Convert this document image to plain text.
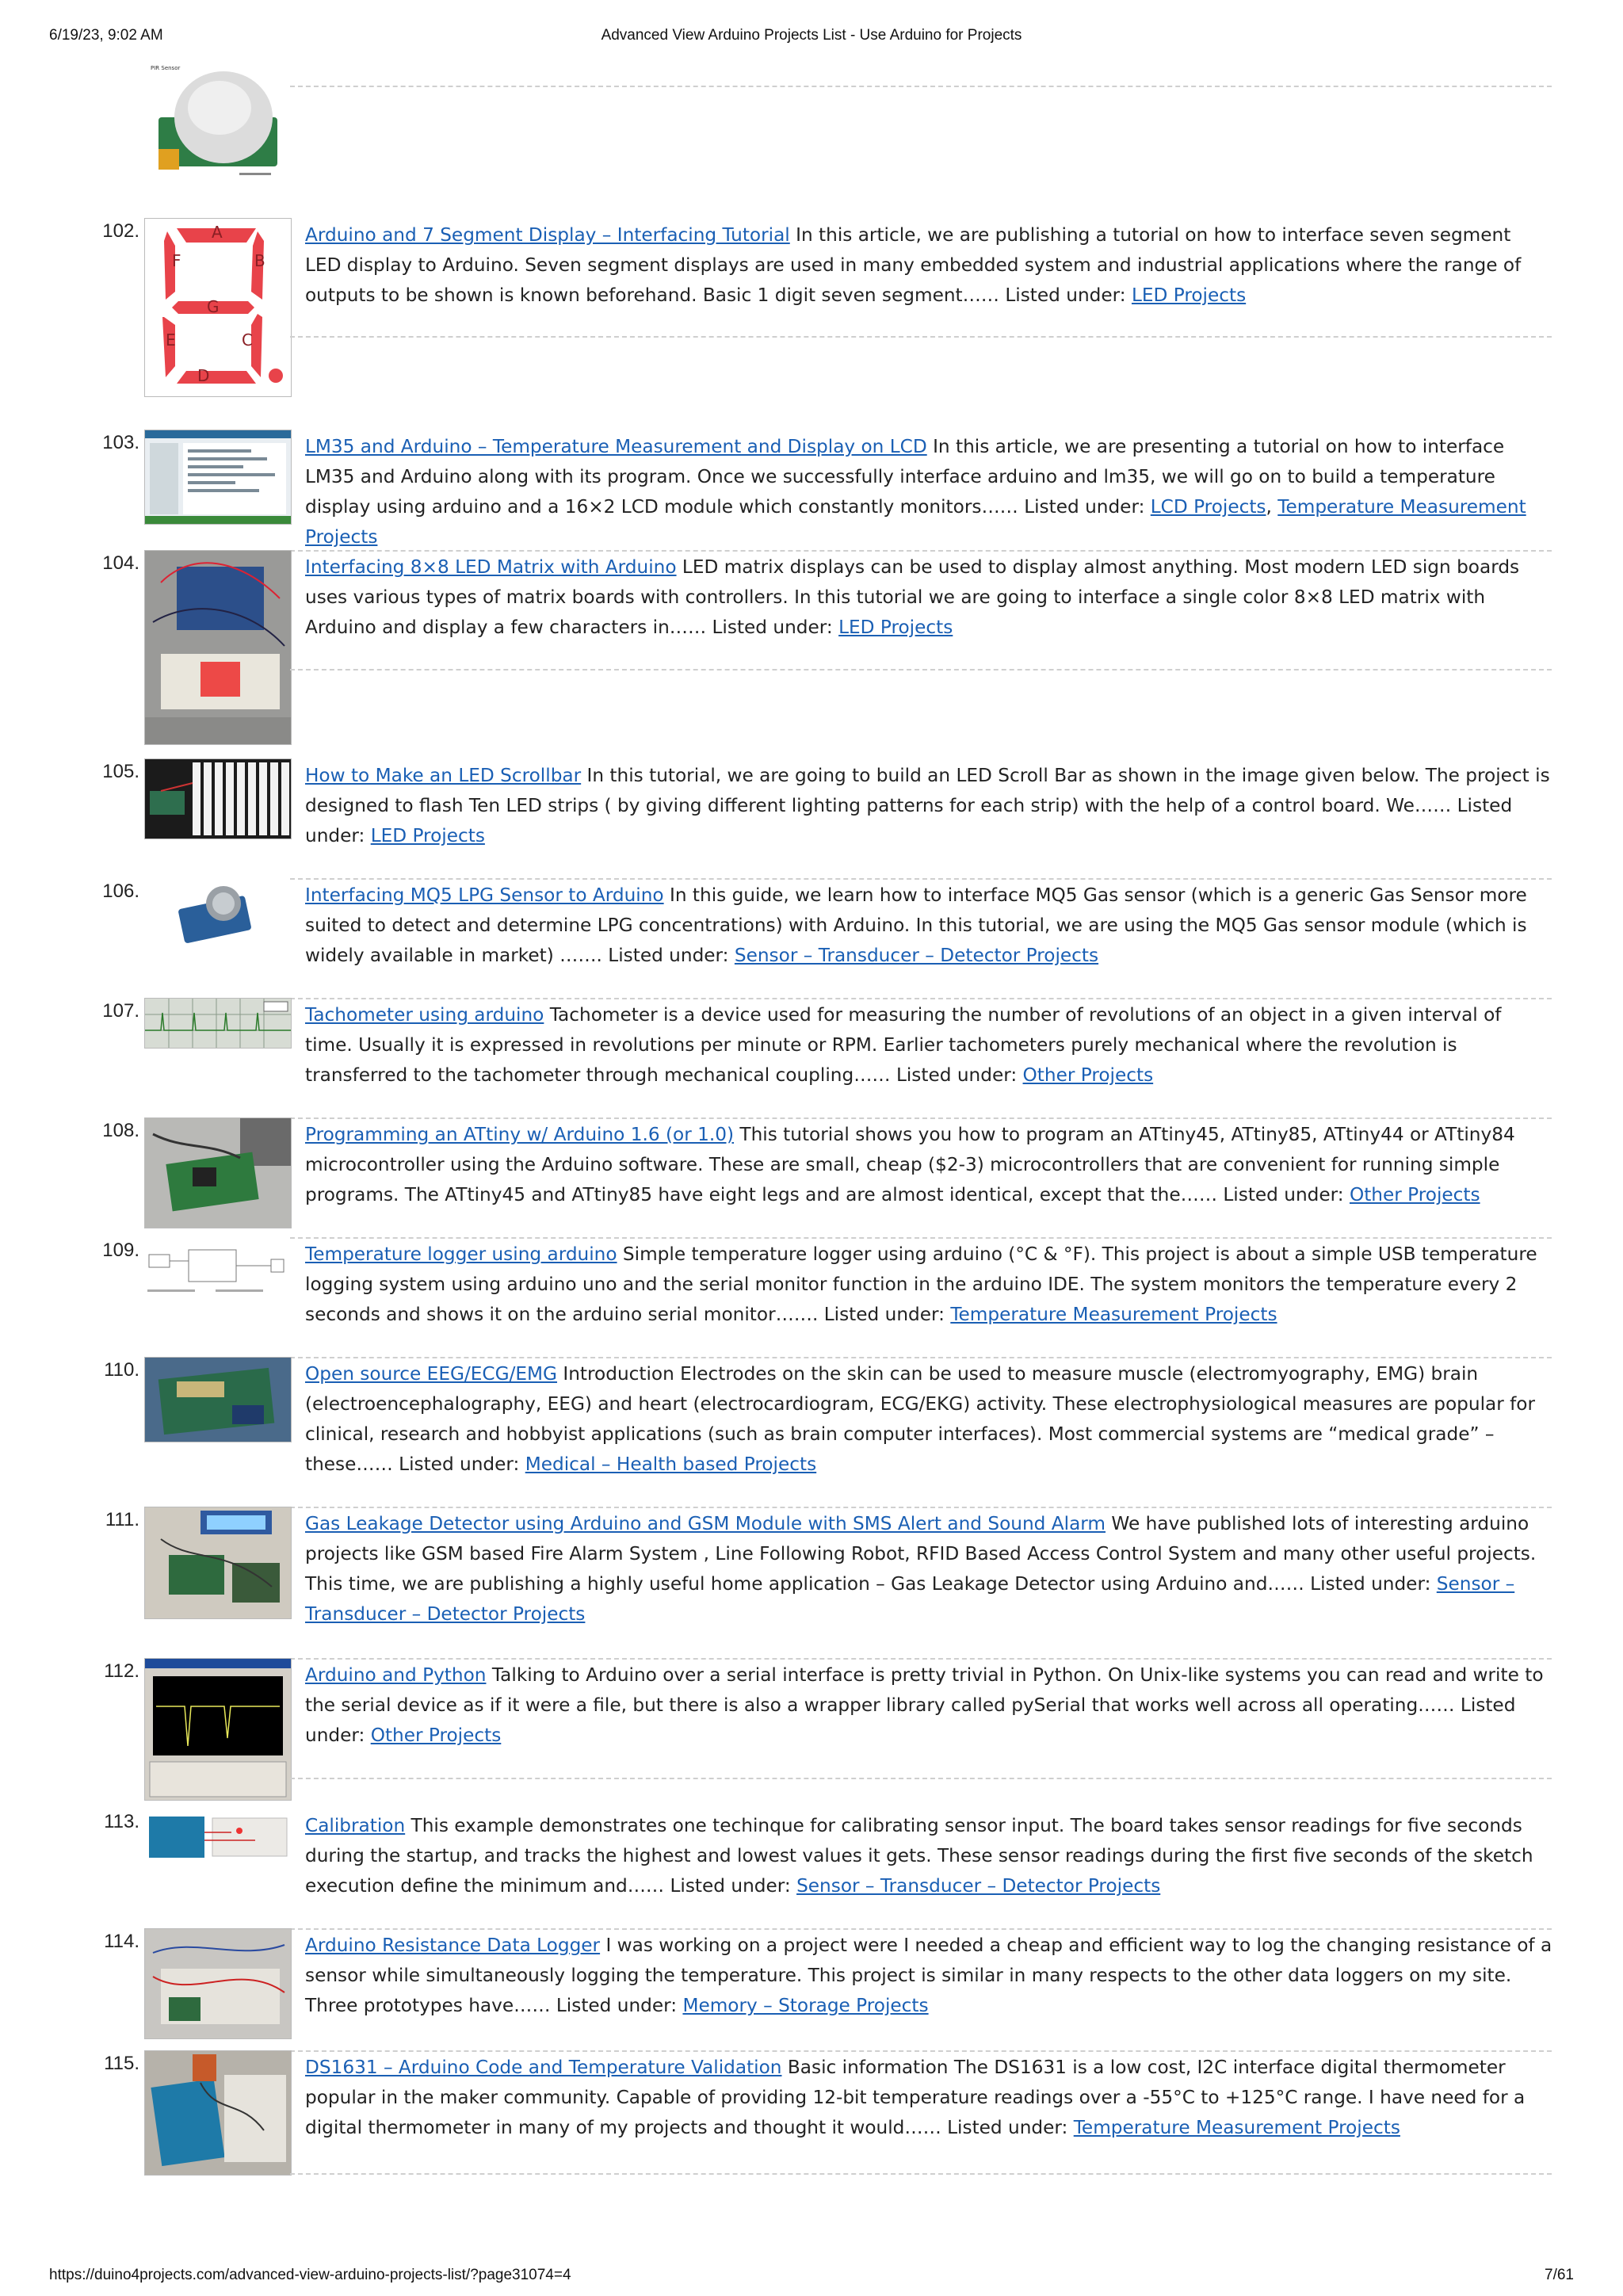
6/19/23, 9:02 AM	Advanced View Arduino Projects List - Use Arduino for Projects
PIR Sensor
102.	A
B
C
D
E
F
G
Arduino and 7 Segment Display – Interfacing Tutorial In this article, we are publishing a tutorial on how to interface seven segment LED display to Arduino. Seven segment displays are used in many embedded system and industrial applications where the range of outputs to be shown is known beforehand. Basic 1 digit seven segment…… Listed under: LED Projects
103.	LM35 and Arduino – Temperature Measurement and Display on LCD In this article, we are presenting a tutorial on how to interface LM35 and Arduino along with its program. Once we successfully interface arduino and lm35, we will go on to build a temperature display using arduino and a 16×2 LCD module which constantly monitors…… Listed under: LCD Projects, Temperature Measurement Projects
104.	Interfacing 8×8 LED Matrix with Arduino LED matrix displays can be used to display almost anything. Most modern LED sign boards uses various types of matrix boards with controllers. In this tutorial we are going to interface a single color 8×8 LED matrix with Arduino and display a few characters in…… Listed under: LED Projects
105.	How to Make an LED Scrollbar In this tutorial, we are going to build an LED Scroll Bar as shown in the image given below. The project is designed to flash Ten LED strips ( by giving different lighting patterns for each strip) with the help of a control board. We…… Listed under: LED Projects
106.	Interfacing MQ5 LPG Sensor to Arduino In this guide, we learn how to interface MQ5 Gas sensor (which is a generic Gas Sensor more suited to detect and determine LPG concentrations) with Arduino. In this tutorial, we are using the MQ5 Gas sensor module (which is widely available in market) ……. Listed under: Sensor – Transducer – Detector Projects
107.	Tachometer using arduino Tachometer is a device used for measuring the number of revolutions of an object in a given interval of time. Usually it is expressed in revolutions per minute or RPM. Earlier tachometers purely mechanical where the revolution is transferred to the tachometer through mechanical coupling…… Listed under: Other Projects
108.	Programming an ATtiny w/ Arduino 1.6 (or 1.0) This tutorial shows you how to program an ATtiny45, ATtiny85, ATtiny44 or ATtiny84 microcontroller using the Arduino software. These are small, cheap ($2-3) microcontrollers that are convenient for running simple programs. The ATtiny45 and ATtiny85 have eight legs and are almost identical, except that the…… Listed under: Other Projects
109.	Temperature logger using arduino Simple temperature logger using arduino (°C & °F). This project is about a simple USB temperature logging system using arduino uno and the serial monitor function in the arduino IDE. The system monitors the temperature every 2 seconds and shows it on the arduino serial monitor……. Listed under: Temperature Measurement Projects
110.	Open source EEG/ECG/EMG Introduction Electrodes on the skin can be used to measure muscle (electromyography, EMG) brain (electroencephalography, EEG) and heart (electrocardiogram, ECG/EKG) activity. These electrophysiological measures are popular for clinical, research and hobbyist applications (such as brain computer interfaces). Most commercial systems are “medical grade” – these…… Listed under: Medical – Health based Projects
111.	Gas Leakage Detector using Arduino and GSM Module with SMS Alert and Sound Alarm We have published lots of interesting arduino projects like GSM based Fire Alarm System , Line Following Robot, RFID Based Access Control System and many other useful projects. This time, we are publishing a highly useful home application – Gas Leakage Detector using Arduino and…… Listed under: Sensor – Transducer – Detector Projects
112.	Arduino and Python Talking to Arduino over a serial interface is pretty trivial in Python. On Unix-like systems you can read and write to the serial device as if it were a file, but there is also a wrapper library called pySerial that works well across all operating…… Listed under: Other Projects
113.	Calibration This example demonstrates one techinque for calibrating sensor input. The board takes sensor readings for five seconds during the startup, and tracks the highest and lowest values it gets. These sensor readings during the first five seconds of the sketch execution define the minimum and…… Listed under: Sensor – Transducer – Detector Projects
114.	Arduino Resistance Data Logger I was working on a project were I needed a cheap and efficient way to log the changing resistance of a sensor while simultaneously logging the temperature. This project is similar in many respects to the other data loggers on my site. Three prototypes have…… Listed under: Memory – Storage Projects
115.	DS1631 – Arduino Code and Temperature Validation Basic information The DS1631 is a low cost, I2C interface digital thermometer popular in the maker community. Capable of providing 12-bit temperature readings over a -55°C to +125°C range. I have need for a digital thermometer in many of my projects and thought it would…… Listed under: Temperature Measurement Projects
https://duino4projects.com/advanced-view-arduino-projects-list/?page31074=4	7/61
